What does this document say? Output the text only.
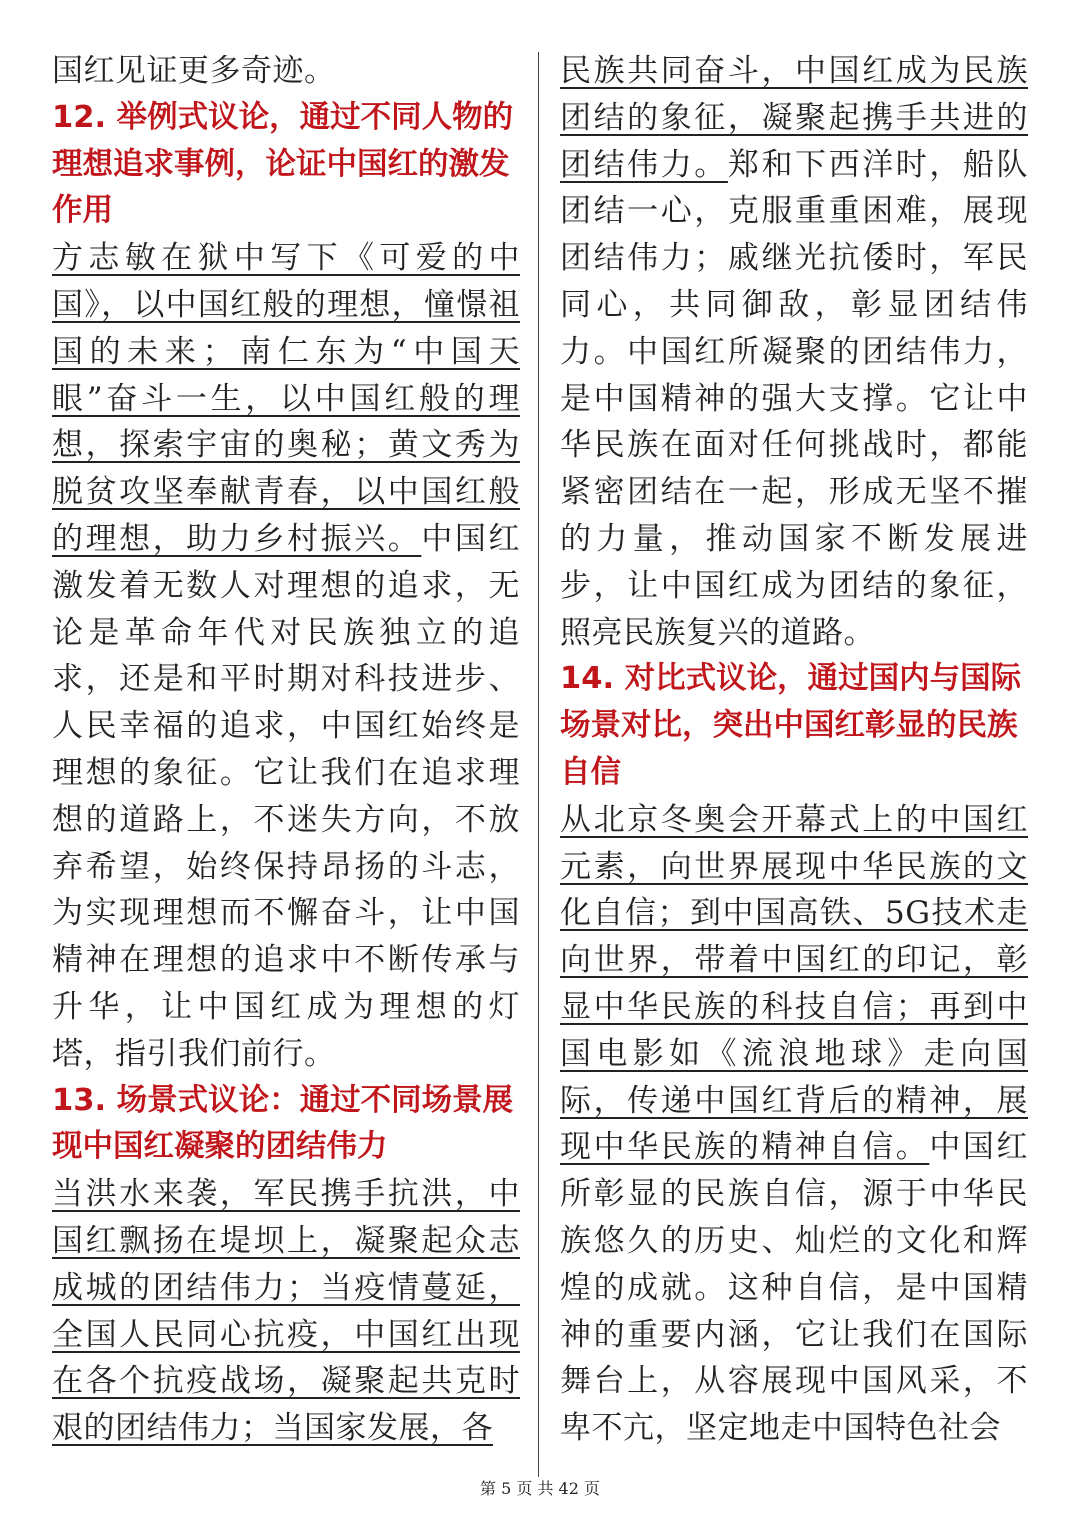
国红见证更多奇迹。

12. 举例式议论，通过不同人物的理想追求事例，论证中国红的激发作用

方志敏在狱中写下《可爱的中国》，以中国红般的理想，憧憬祖国的未来；南仁东为“中国天眼”奋斗一生，以中国红般的理想，探索宇宙的奥秘；黄文秀为脱贫攻坚奉献青春，以中国红般的理想，助力乡村振兴。中国红激发着无数人对理想的追求，无论是革命年代对民族独立的追求，还是和平时期对科技进步、人民幸福的追求，中国红始终是理想的象征。它让我们在追求理想的道路上，不迷失方向，不放弃希望，始终保持昂扬的斗志，为实现理想而不懈奋斗，让中国精神在理想的追求中不断传承与升华，让中国红成为理想的灯塔，指引我们前行。

13. 场景式议论：通过不同场景展现中国红凝聚的团结伟力

当洪水来袭，军民携手抗洪，中国红飘扬在堤坝上，凝聚起众志成城的团结伟力；当疫情蔓延，全国人民同心抗疫，中国红出现在各个抗疫战场，凝聚起共克时艰的团结伟力；当国家发展，各

民族共同奋斗，中国红成为民族团结的象征，凝聚起携手共进的团结伟力。郑和下西洋时，船队团结一心，克服重重困难，展现团结伟力；戚继光抗倭时，军民同心，共同御敌，彰显团结伟力。中国红所凝聚的团结伟力，是中国精神的强大支撑。它让中华民族在面对任何挑战时，都能紧密团结在一起，形成无坚不摧的力量，推动国家不断发展进步，让中国红成为团结的象征，照亮民族复兴的道路。

14. 对比式议论，通过国内与国际场景对比，突出中国红彰显的民族自信

从北京冬奥会开幕式上的中国红元素，向世界展现中华民族的文化自信；到中国高铁、5G技术走向世界，带着中国红的印记，彰显中华民族的科技自信；再到中国电影如《流浪地球》走向国际，传递中国红背后的精神，展现中华民族的精神自信。中国红所彰显的民族自信，源于中华民族悠久的历史、灿烂的文化和辉煌的成就。这种自信，是中国精神的重要内涵，它让我们在国际舞台上，从容展现中国风采，不卑不亢，坚定地走中国特色社会

第 5 页 共 42 页
